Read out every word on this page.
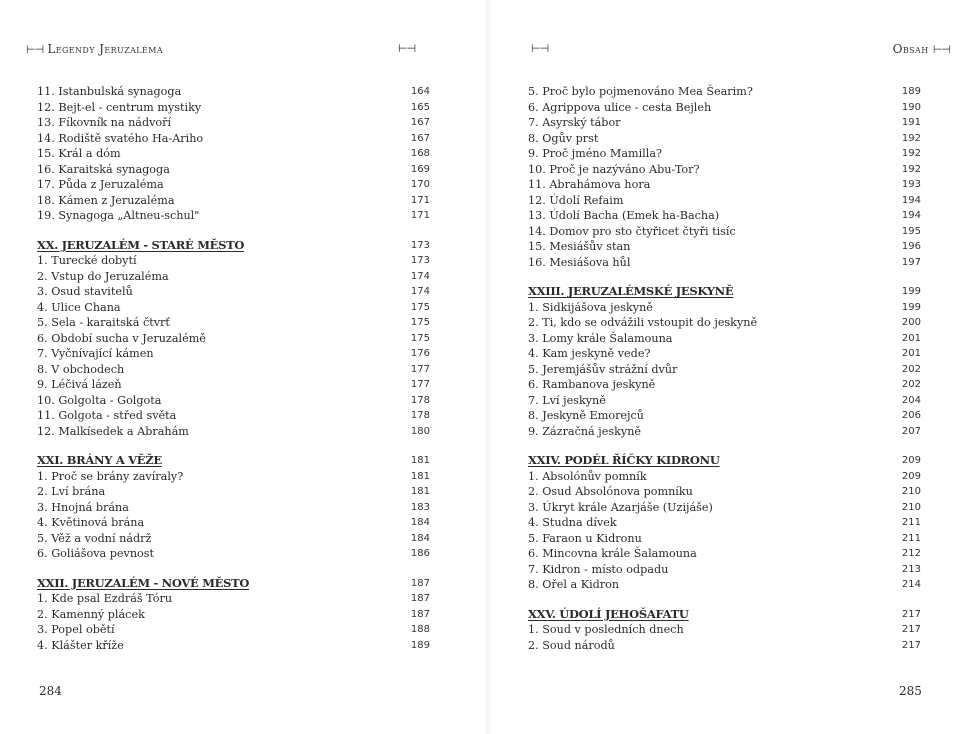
⊢⊣ Legendy Jeruzaléma	⊢⊣	⊢⊣	Obsah ⊢⊣
11. Istanbulská synagoga	164
12. Bejt-el - centrum mystiky	165
13. Fíkovník na nádvoří	167
14. Rodiště svatého Ha-Ariho	167
15. Král a dóm	168
16. Karaitská synagoga	169
17. Půda z Jeruzaléma	170
18. Kámen z Jeruzaléma	171
19. Synagoga „Altneu-schul"	171
XX. JERUZALÉM - STARÉ MĚSTO	173
1. Turecké dobytí	173
2. Vstup do Jeruzaléma	174
3. Osud stavitelů	174
4. Ulice Chana	175
5. Sela - karaitská čtvrť	175
6. Období sucha v Jeruzalémě	175
7. Vyčnívající kámen	176
8. V obchodech	177
9. Léčivá lázeň	177
10. Golgolta - Golgota	178
11. Golgota - střed světa	178
12. Malkísedek a Abrahám	180
XXI. BRÁNY A VĚŽE	181
1. Proč se brány zavíraly?	181
2. Lví brána	181
3. Hnojná brána	183
4. Květinová brána	184
5. Věž a vodní nádrž	184
6. Goliášova pevnost	186
XXII. JERUZALÉM - NOVÉ MĚSTO	187
1. Kde psal Ezdráš Tóru	187
2. Kamenný plácek	187
3. Popel obětí	188
4. Klášter kříže	189
5. Proč bylo pojmenováno Mea Šearim?	189
6. Agrippova ulice - cesta Bejleh	190
7. Asyrský tábor	191
8. Ogův prst	192
9. Proč jméno Mamilla?	192
10. Proč je nazýváno Abu-Tor?	192
11. Abrahámova hora	193
12. Údolí Refaim	194
13. Údolí Bacha (Emek ha-Bacha)	194
14. Domov pro sto čtyřicet čtyři tisíc	195
15. Mesiášův stan	196
16. Mesiášova hůl	197
XXIII. JERUZALÉMSKÉ JESKYNĚ	199
1. Sidkijášova jeskyně	199
2. Ti, kdo se odvážili vstoupit do jeskyně	200
3. Lomy krále Šalamouna	201
4. Kam jeskyně vede?	201
5. Jeremjášův strážní dvůr	202
6. Rambanova jeskyně	202
7. Lví jeskyně	204
8. Jeskyně Emorejců	206
9. Zázračná jeskyně	207
XXIV. PODÉL ŘÍČKY KIDRONU	209
1. Absolónův pomník	209
2. Osud Absolónova pomníku	210
3. Úkryt krále Azarjáše (Uzijáše)	210
4. Studna dívek	211
5. Faraon u Kidronu	211
6. Mincovna krále Šalamouna	212
7. Kidron - místo odpadu	213
8. Ořel a Kidron	214
XXV. ÚDOLÍ JEHOŠAFATU	217
1. Soud v posledních dnech	217
2. Soud národů	217
284	285
